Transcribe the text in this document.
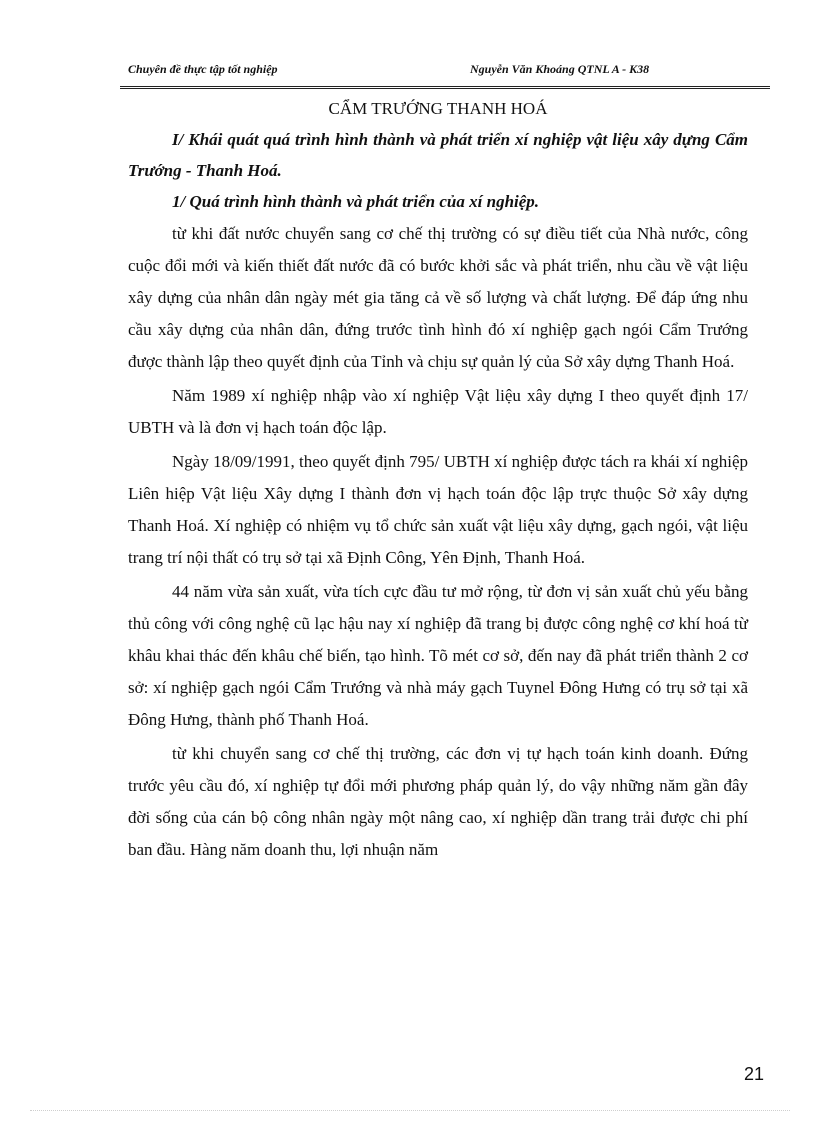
Chuyên đề thực tập tốt nghiệp	Nguyễn Văn Khoáng QTNL A - K38

CẨM TRƯỚNG THANH HOÁ

I/ Khái quát quá trình hình thành và phát triển xí nghiệp vật liệu xây dựng Cẩm Trướng - Thanh Hoá.

1/ Quá trình hình thành và phát triển của xí nghiệp.

từ khi đất nước chuyển sang cơ chế thị trường có sự điều tiết của Nhà nước, công cuộc đổi mới và kiến thiết đất nước đã có bước khởi sắc và phát triển, nhu cầu về vật liệu xây dựng của nhân dân ngày mét gia tăng cả về số lượng và chất lượng. Để đáp ứng nhu cầu xây dựng của nhân dân, đứng trước tình hình đó xí nghiệp gạch ngói Cẩm Trướng được thành lập theo quyết định của Tỉnh và chịu sự quản lý của Sở xây dựng Thanh Hoá.

Năm 1989 xí nghiệp nhập vào xí nghiệp Vật liệu xây dựng I theo quyết định 17/ UBTH và là đơn vị hạch toán độc lập.

Ngày 18/09/1991, theo quyết định 795/ UBTH xí nghiệp được tách ra khái xí nghiệp Liên hiệp Vật liệu Xây dựng I thành đơn vị hạch toán độc lập trực thuộc Sở xây dựng Thanh Hoá. Xí nghiệp có nhiệm vụ tổ chức sản xuất vật liệu xây dựng, gạch ngói, vật liệu trang trí nội thất có trụ sở tại xã Định Công, Yên Định, Thanh Hoá.

44 năm vừa sản xuất, vừa tích cực đầu tư mở rộng, từ đơn vị sản xuất chủ yếu bằng thủ công với công nghệ cũ lạc hậu nay xí nghiệp đã trang bị được công nghệ cơ khí hoá từ khâu khai thác đến khâu chế biến, tạo hình. Tõ mét cơ sở, đến nay đã phát triển thành 2 cơ sở: xí nghiệp gạch ngói Cẩm Trướng và nhà máy gạch Tuynel Đông Hưng có trụ sở tại xã Đông Hưng, thành phố Thanh Hoá.

từ khi chuyển sang cơ chế thị trường, các đơn vị tự hạch toán kinh doanh. Đứng trước yêu cầu đó, xí nghiệp tự đổi mới phương pháp quản lý, do vậy những năm gần đây đời sống của cán bộ công nhân ngày một nâng cao, xí nghiệp dần trang trải được chi phí ban đầu. Hàng năm doanh thu, lợi nhuận năm

21
